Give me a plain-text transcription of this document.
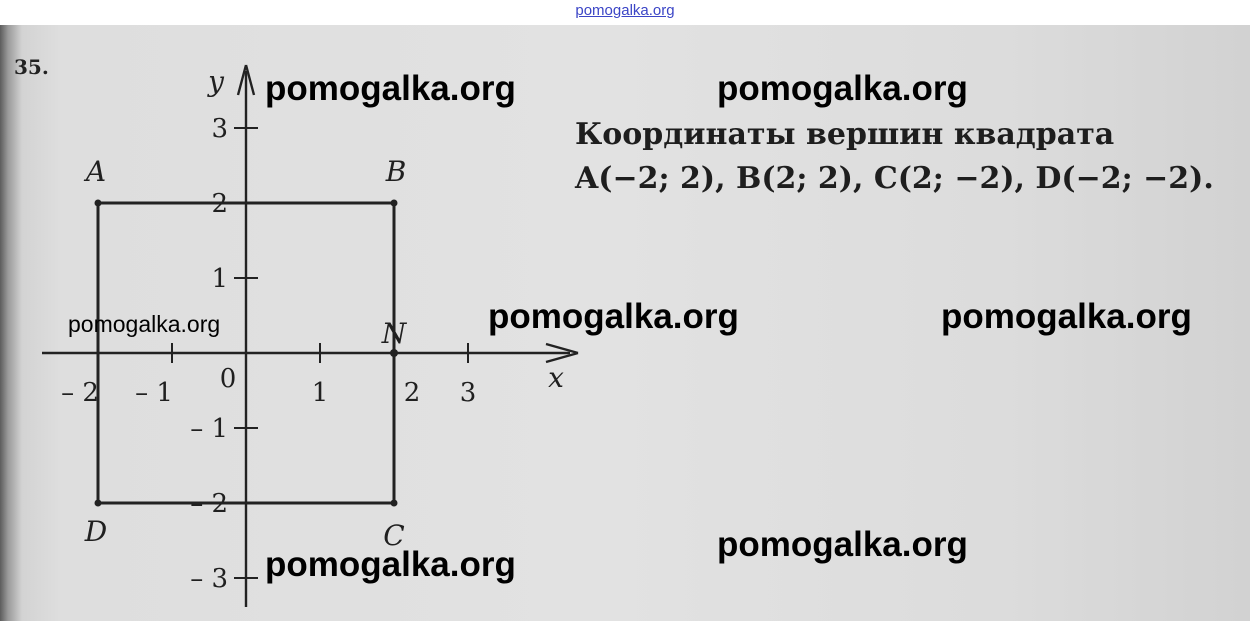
pomogalka.org
35.
– 2 – 1	1	2 3
3
2
1
– 1
– 2
– 3
0	x
y
A	B
C
D
N
Координаты вершин квадрата
A(−2; 2), B(2; 2), C(2; −2), D(−2; −2).
pomogalka.org	pomogalka.org
pomogalka.org	pomogalka.org	pomogalka.org
pomogalka.org
pomogalka.org
